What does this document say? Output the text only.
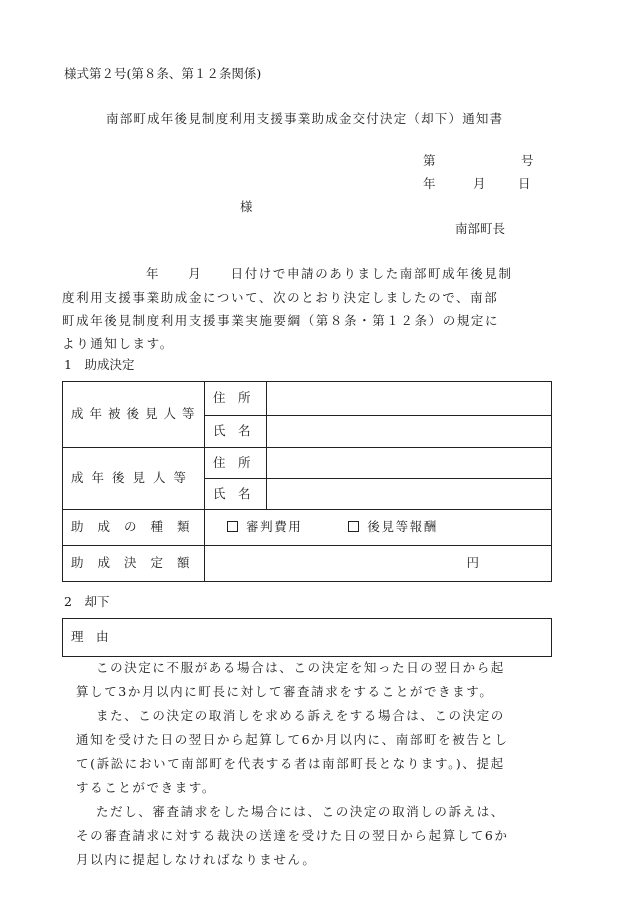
様式第２号(第８条、第１２条関係)
南部町成年後見制度利用支援事業助成金交付決定（却下）通知書
第	号
年	月	日
様
南部町長
年　　月　　日付けで申請のありました南部町成年後見制
度利用支援事業助成金について、次のとおり決定しましたので、南部
町成年後見制度利用支援事業実施要綱（第８条・第１２条）の規定に
より通知します。
1　助成決定
成年被後見人等	住　所	
	氏　名	
成年後見人等	住　所	
	氏　名	
助成の種類	審判費用 後見等報酬	
助成決定額	円	
2　却下
理　由
この決定に不服がある場合は、この決定を知った日の翌日から起
算して3か月以内に町長に対して審査請求をすることができます。
また、この決定の取消しを求める訴えをする場合は、この決定の
通知を受けた日の翌日から起算して6か月以内に、南部町を被告とし
て(訴訟において南部町を代表する者は南部町長となります。)、提起
することができます。
ただし、審査請求をした場合には、この決定の取消しの訴えは、
その審査請求に対する裁決の送達を受けた日の翌日から起算して6か
月以内に提起しなければなりません。
